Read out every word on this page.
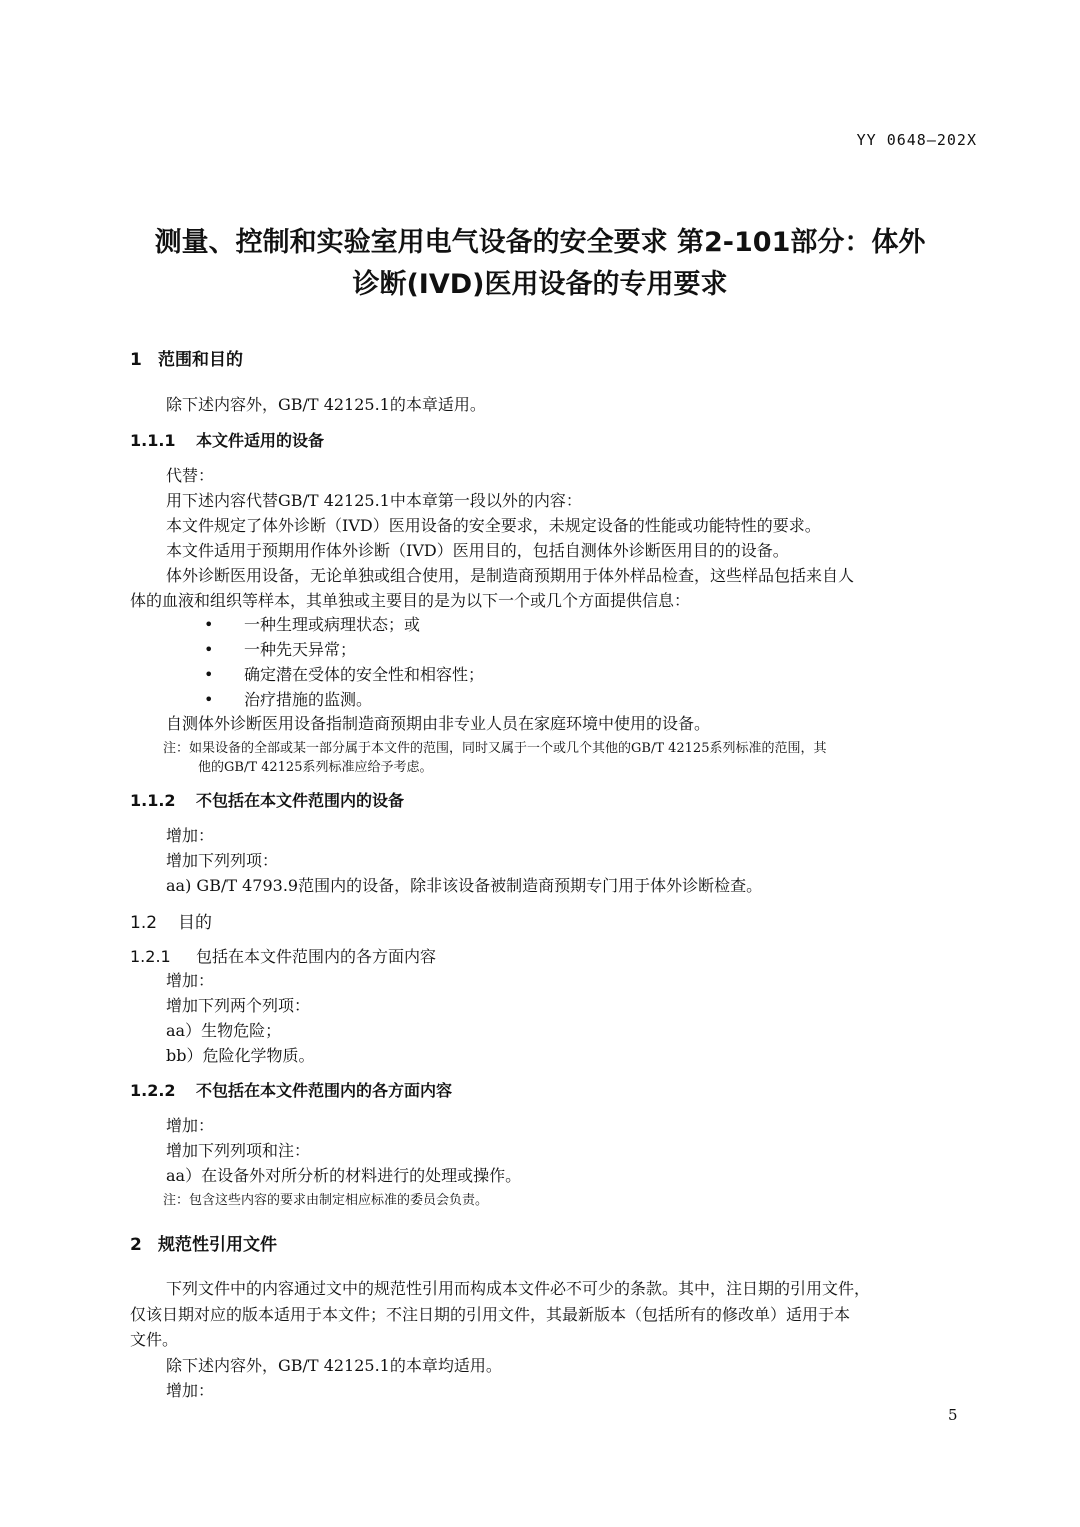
YY 0648—202X
测量、控制和实验室用电气设备的安全要求 第2-101部分：体外
诊断(IVD)医用设备的专用要求
1 范围和目的
除下述内容外，GB/T 42125.1的本章适用。
1.1.1 本文件适用的设备
代替：
用下述内容代替GB/T 42125.1中本章第一段以外的内容：
本文件规定了体外诊断（IVD）医用设备的安全要求，未规定设备的性能或功能特性的要求。
本文件适用于预期用作体外诊断（IVD）医用目的，包括自测体外诊断医用目的的设备。
体外诊断医用设备，无论单独或组合使用，是制造商预期用于体外样品检查，这些样品包括来自人
体的血液和组织等样本，其单独或主要目的是为以下一个或几个方面提供信息：
• 一种生理或病理状态；或
• 一种先天异常；
• 确定潜在受体的安全性和相容性；
• 治疗措施的监测。
自测体外诊断医用设备指制造商预期由非专业人员在家庭环境中使用的设备。
注：如果设备的全部或某一部分属于本文件的范围，同时又属于一个或几个其他的GB/T 42125系列标准的范围，其
他的GB/T 42125系列标准应给予考虑。
1.1.2 不包括在本文件范围内的设备
增加：
增加下列列项：
aa) GB/T 4793.9范围内的设备，除非该设备被制造商预期专门用于体外诊断检查。
1.2 目的
1.2.1 包括在本文件范围内的各方面内容
增加：
增加下列两个列项：
aa）生物危险；
bb）危险化学物质。
1.2.2 不包括在本文件范围内的各方面内容
增加：
增加下列列项和注：
aa）在设备外对所分析的材料进行的处理或操作。
注：包含这些内容的要求由制定相应标准的委员会负责。
2 规范性引用文件
下列文件中的内容通过文中的规范性引用而构成本文件必不可少的条款。其中，注日期的引用文件，
仅该日期对应的版本适用于本文件；不注日期的引用文件，其最新版本（包括所有的修改单）适用于本
文件。
除下述内容外，GB/T 42125.1的本章均适用。
增加：
5
